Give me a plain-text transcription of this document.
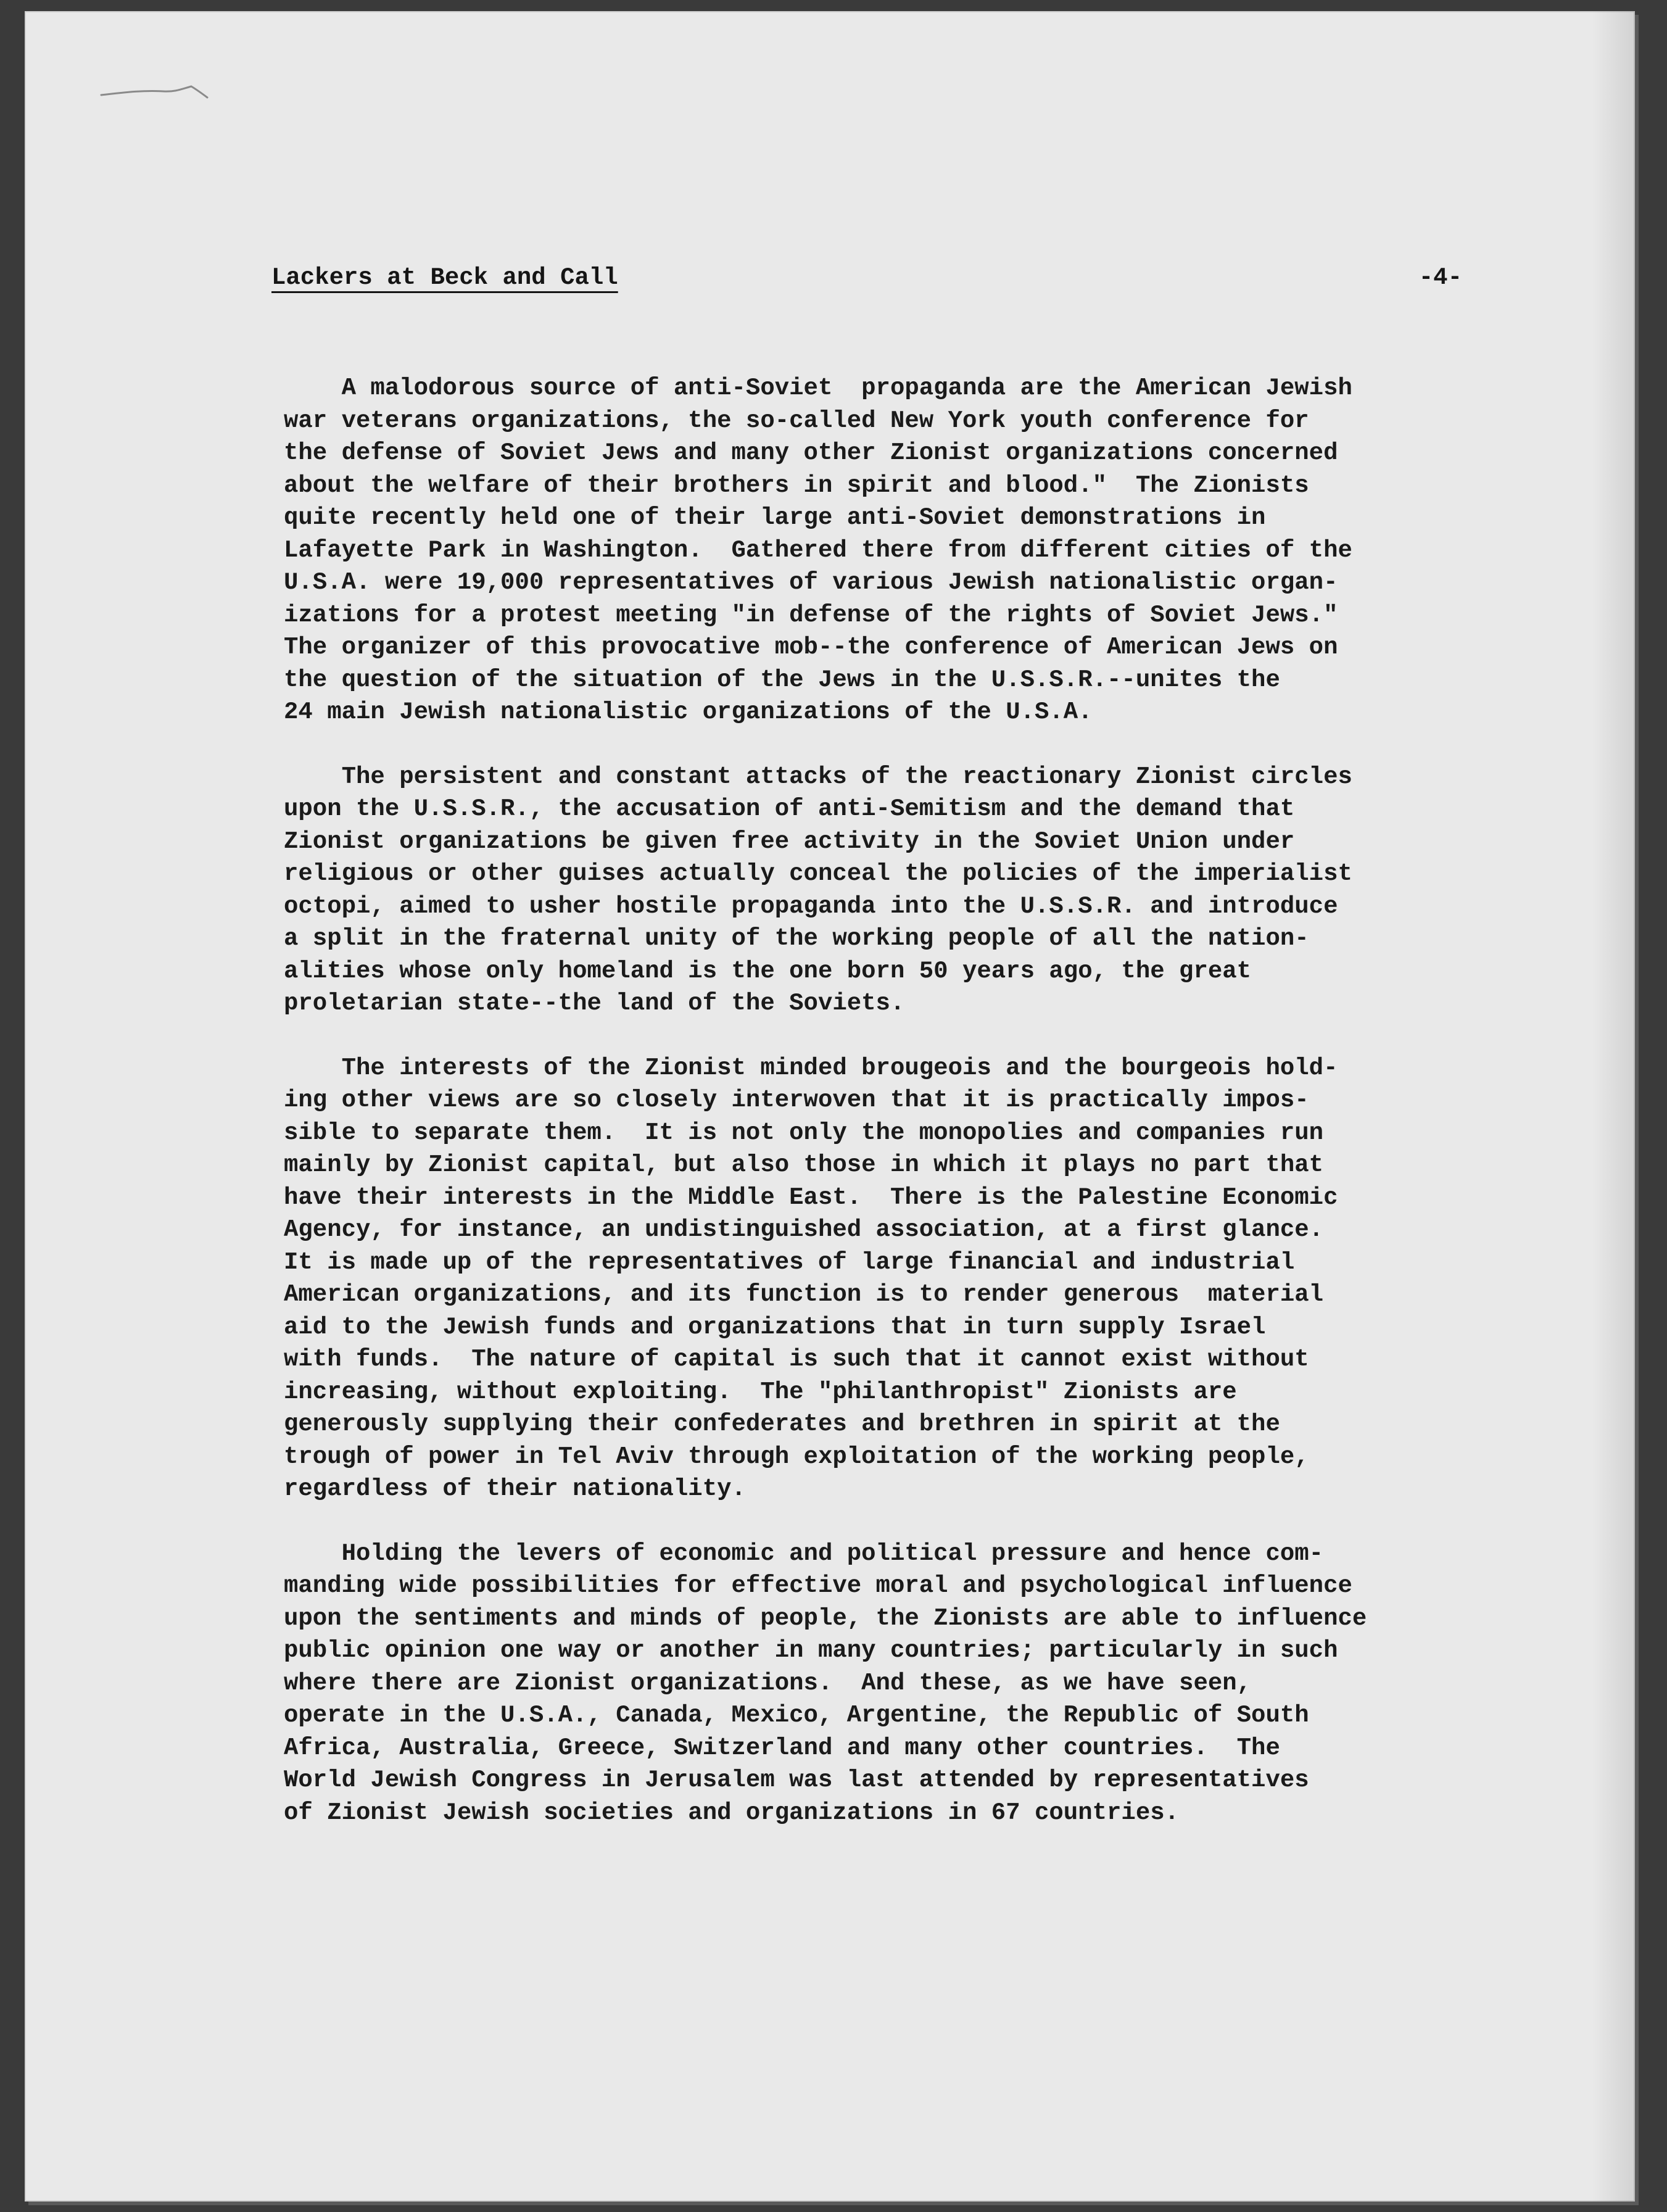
Lackers at Beck and Call	-4-
A malodorous source of anti-Soviet  propaganda are the American Jewish
war veterans organizations, the so-called New York youth conference for
the defense of Soviet Jews and many other Zionist organizations concerned
about the welfare of their brothers in spirit and blood."  The Zionists
quite recently held one of their large anti-Soviet demonstrations in
Lafayette Park in Washington.  Gathered there from different cities of the
U.S.A. were 19,000 representatives of various Jewish nationalistic organ-
izations for a protest meeting "in defense of the rights of Soviet Jews."
The organizer of this provocative mob--the conference of American Jews on
the question of the situation of the Jews in the U.S.S.R.--unites the
24 main Jewish nationalistic organizations of the U.S.A.
The persistent and constant attacks of the reactionary Zionist circles
upon the U.S.S.R., the accusation of anti-Semitism and the demand that
Zionist organizations be given free activity in the Soviet Union under
religious or other guises actually conceal the policies of the imperialist
octopi, aimed to usher hostile propaganda into the U.S.S.R. and introduce
a split in the fraternal unity of the working people of all the nation-
alities whose only homeland is the one born 50 years ago, the great
proletarian state--the land of the Soviets.
The interests of the Zionist minded brougeois and the bourgeois hold-
ing other views are so closely interwoven that it is practically impos-
sible to separate them.  It is not only the monopolies and companies run
mainly by Zionist capital, but also those in which it plays no part that
have their interests in the Middle East.  There is the Palestine Economic
Agency, for instance, an undistinguished association, at a first glance.
It is made up of the representatives of large financial and industrial
American organizations, and its function is to render generous  material
aid to the Jewish funds and organizations that in turn supply Israel
with funds.  The nature of capital is such that it cannot exist without
increasing, without exploiting.  The "philanthropist" Zionists are
generously supplying their confederates and brethren in spirit at the
trough of power in Tel Aviv through exploitation of the working people,
regardless of their nationality.
Holding the levers of economic and political pressure and hence com-
manding wide possibilities for effective moral and psychological influence
upon the sentiments and minds of people, the Zionists are able to influence
public opinion one way or another in many countries; particularly in such
where there are Zionist organizations.  And these, as we have seen,
operate in the U.S.A., Canada, Mexico, Argentine, the Republic of South
Africa, Australia, Greece, Switzerland and many other countries.  The
World Jewish Congress in Jerusalem was last attended by representatives
of Zionist Jewish societies and organizations in 67 countries.
